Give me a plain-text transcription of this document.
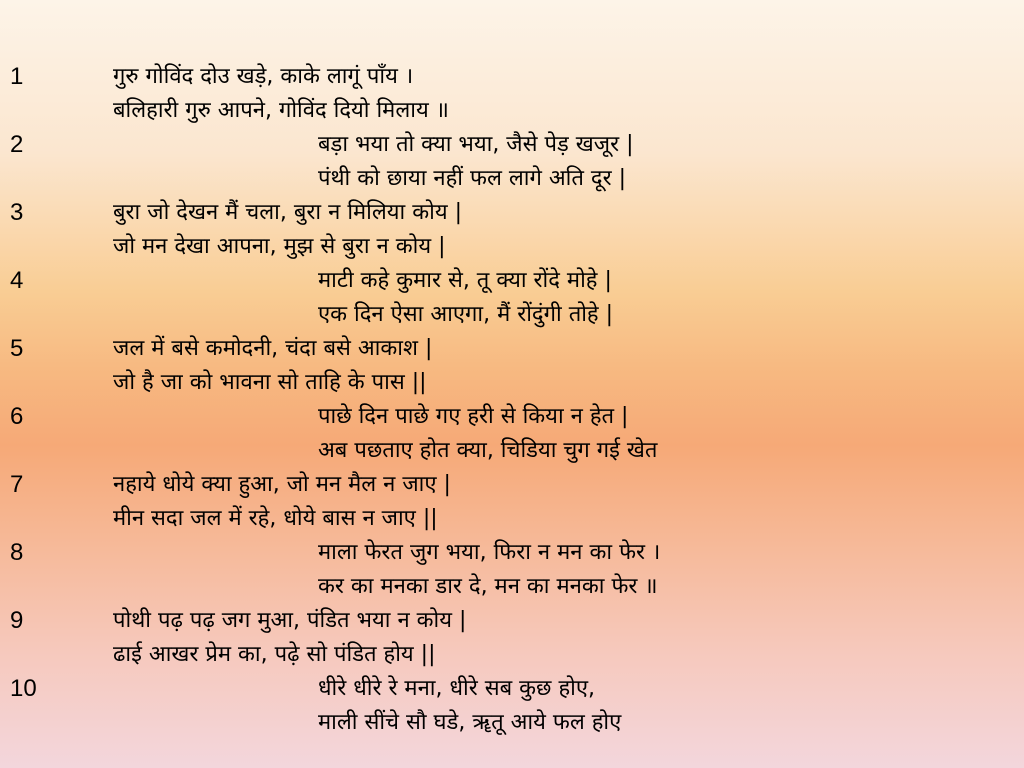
1	गुरु गोविंद दोउ खड़े, काके लागूं पाँय ।
बलिहारी गुरु आपने, गोविंद दियो मिलाय ॥
2	बड़ा भया तो क्या भया, जैसे पेड़ खजूर |
पंथी को छाया नहीं फल लागे अति दूर |
3	बुरा जो देखन मैं चला, बुरा न मिलिया कोय |
जो मन देखा आपना, मुझ से बुरा न कोय |
4	माटी कहे कुमार से, तू क्या रोंदे मोहे |
एक दिन ऐसा आएगा, मैं रोंदुंगी तोहे |
5	जल में बसे कमोदनी, चंदा बसे आकाश |
जो है जा को भावना सो ताहि के पास ||
6	पाछे दिन पाछे गए हरी से किया न हेत |
अब पछताए होत क्या, चिडिया चुग गई खेत
7	नहाये धोये क्या हुआ, जो मन मैल न जाए |
मीन सदा जल में रहे, धोये बास न जाए ||
8	माला फेरत जुग भया, फिरा न मन का फेर ।
कर का मनका डार दे, मन का मनका फेर ॥
9	पोथी पढ़ पढ़ जग मुआ, पंडित भया न कोय |
ढाई आखर प्रेम का, पढ़े सो पंडित होय ||
10	धीरे धीरे रे मना, धीरे सब कुछ होए,
माली सींचे सौ घडे, ॠतू आये फल होए
